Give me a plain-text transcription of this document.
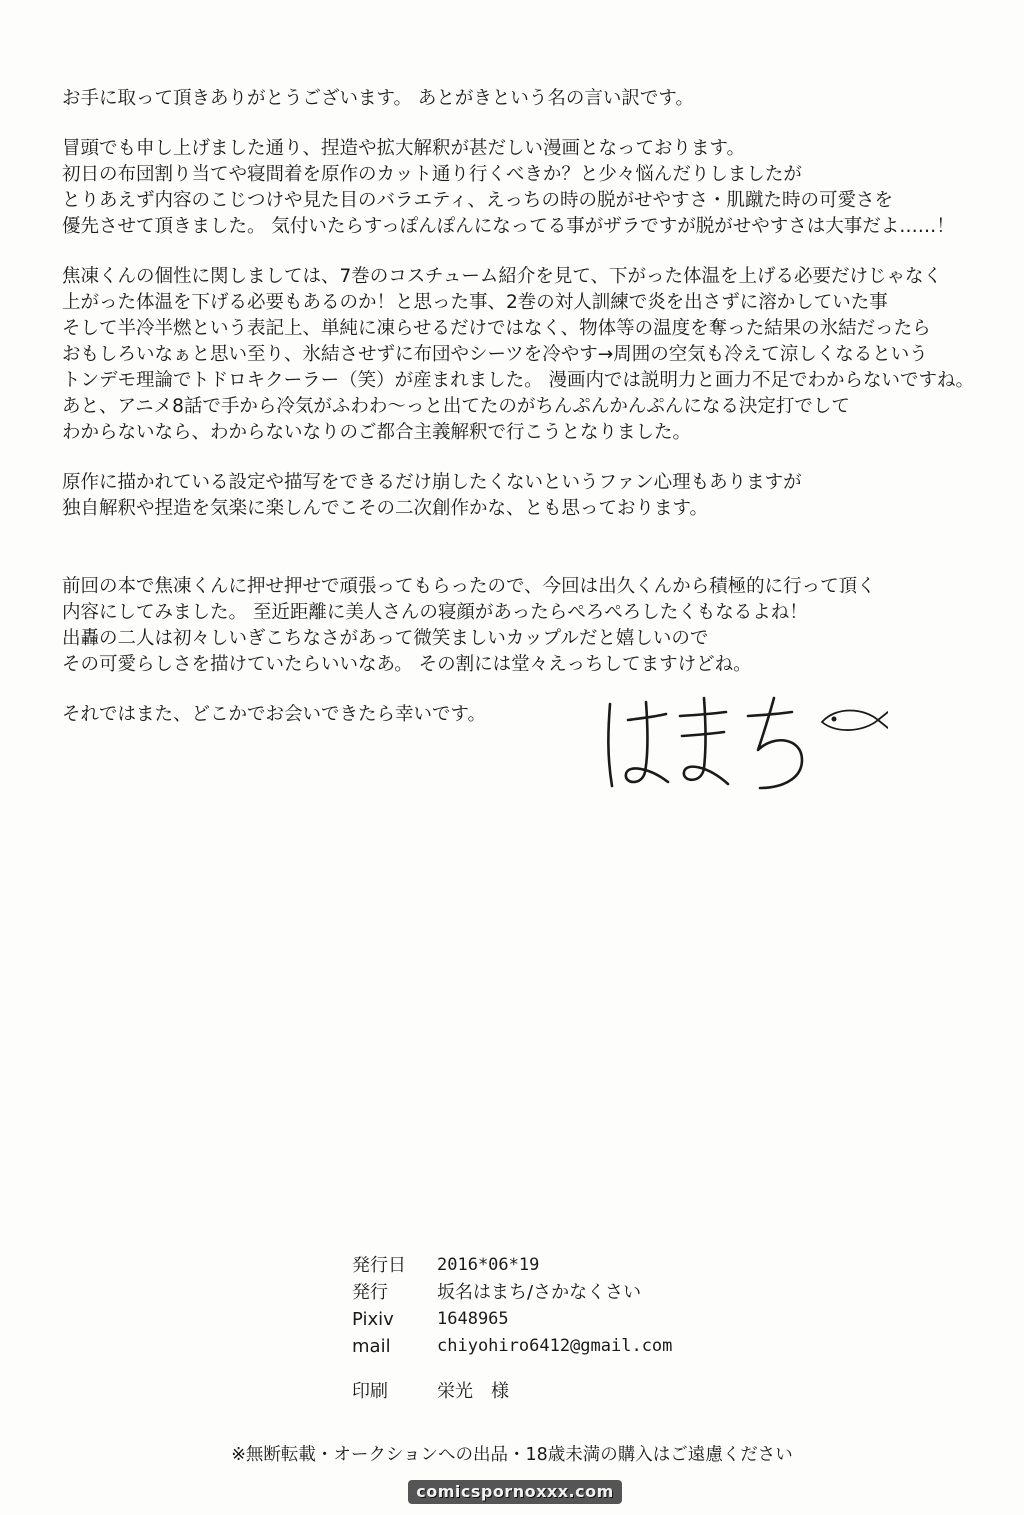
お手に取って頂きありがとうございます。 あとがきという名の言い訳です。
冒頭でも申し上げました通り、捏造や拡大解釈が甚だしい漫画となっております。
初日の布団割り当てや寝間着を原作のカット通り行くべきか？と少々悩んだりしましたが
とりあえず内容のこじつけや見た目のバラエティ、えっちの時の脱がせやすさ・肌蹴た時の可愛さを
優先させて頂きました。 気付いたらすっぽんぽんになってる事がザラですが脱がせやすさは大事だよ……！
焦凍くんの個性に関しましては、7巻のコスチューム紹介を見て、下がった体温を上げる必要だけじゃなく
上がった体温を下げる必要もあるのか！と思った事、2巻の対人訓練で炎を出さずに溶かしていた事
そして半冷半燃という表記上、単純に凍らせるだけではなく、物体等の温度を奪った結果の氷結だったら
おもしろいなぁと思い至り、氷結させずに布団やシーツを冷やす→周囲の空気も冷えて涼しくなるという
トンデモ理論でトドロキクーラー（笑）が産まれました。 漫画内では説明力と画力不足でわからないですね。
あと、アニメ8話で手から冷気がふわわ〜っと出てたのがちんぷんかんぷんになる決定打でして
わからないなら、わからないなりのご都合主義解釈で行こうとなりました。
原作に描かれている設定や描写をできるだけ崩したくないというファン心理もありますが
独自解釈や捏造を気楽に楽しんでこその二次創作かな、とも思っております。
前回の本で焦凍くんに押せ押せで頑張ってもらったので、今回は出久くんから積極的に行って頂く
内容にしてみました。 至近距離に美人さんの寝顔があったらぺろぺろしたくもなるよね！
出轟の二人は初々しいぎこちなさがあって微笑ましいカップルだと嬉しいので
その可愛らしさを描けていたらいいなあ。 その割には堂々えっちしてますけどね。
それではまた、どこかでお会いできたら幸いです。
発行日	2016*06*19
発行	坂名はまち/さかなくさい
Pixiv	1648965
mail	chiyohiro6412@gmail.com
印刷	栄光　様
※無断転載・オークションへの出品・18歳未満の購入はご遠慮ください
comicspornoxxx.com
